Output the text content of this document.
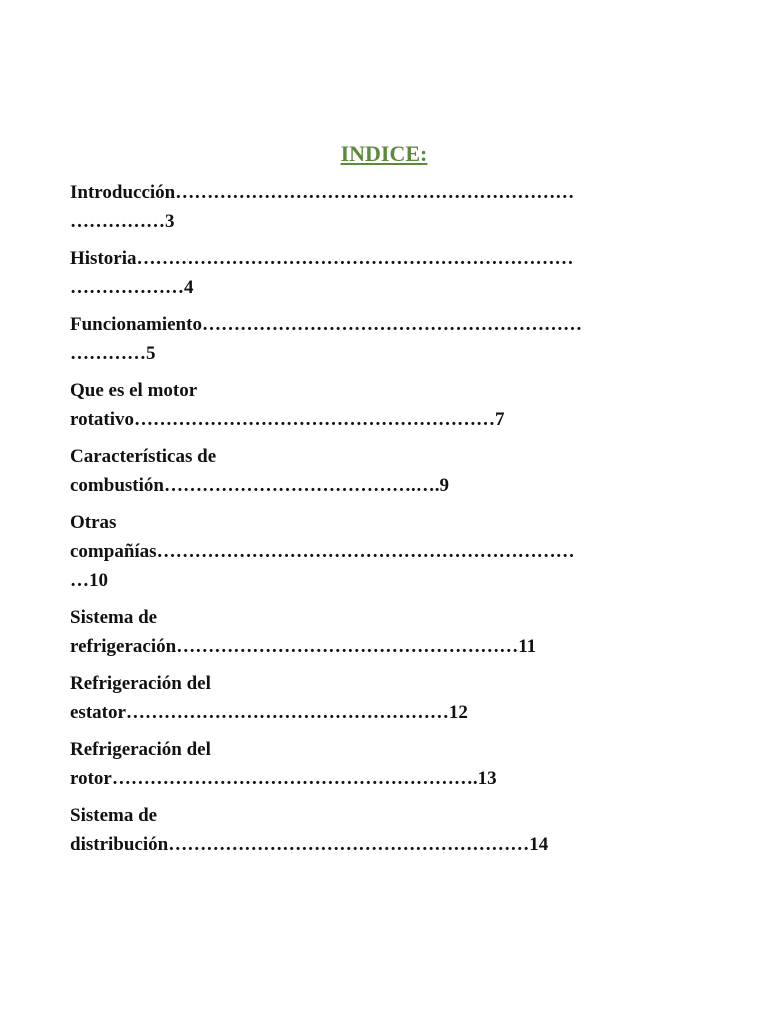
INDICE:
Introducción………………………………………………………
……………3
Historia……………………………………………………………
………………4
Funcionamiento……………………………………………………
…………5
Que es el motor
rotativo…………………………………………………7
Características de
combustión………………………………….….9
Otras
compañías…………………………………………………………
…10
Sistema de
refrigeración………………………………………………11
Refrigeración del
estator……………………………………………12
Refrigeración del
rotor………………………………………………….13
Sistema de
distribución…………………………………………………14
